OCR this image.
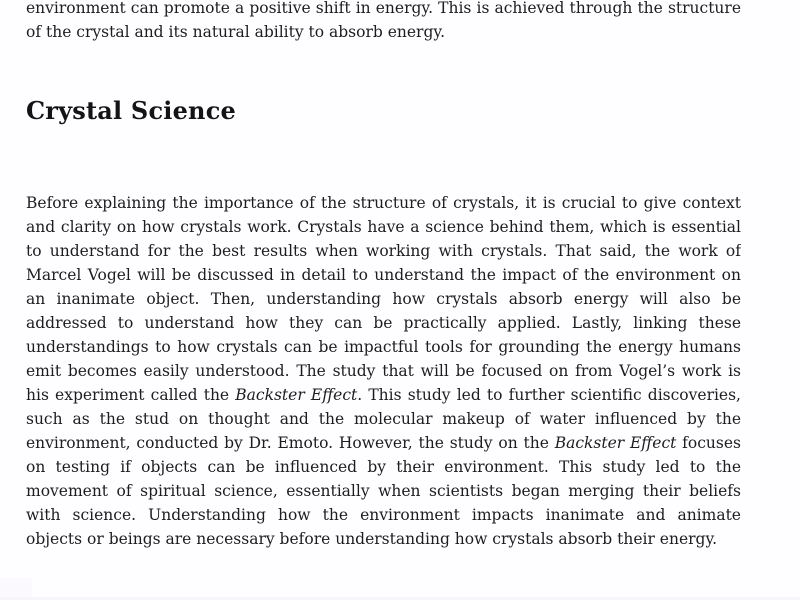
environment can promote a positive shift in energy. This is achieved through the structure
of the crystal and its natural ability to absorb energy.
Crystal Science
Before explaining the importance of the structure of crystals, it is crucial to give context
and clarity on how crystals work. Crystals have a science behind them, which is essential
to understand for the best results when working with crystals. That said, the work of
Marcel Vogel will be discussed in detail to understand the impact of the environment on
an inanimate object. Then, understanding how crystals absorb energy will also be
addressed to understand how they can be practically applied. Lastly, linking these
understandings to how crystals can be impactful tools for grounding the energy humans
emit becomes easily understood. The study that will be focused on from Vogel’s work is
his experiment called the Backster Effect. This study led to further scientific discoveries,
such as the stud on thought and the molecular makeup of water influenced by the
environment, conducted by Dr. Emoto. However, the study on the Backster Effect focuses
on testing if objects can be influenced by their environment. This study led to the
movement of spiritual science, essentially when scientists began merging their beliefs
with science. Understanding how the environment impacts inanimate and animate
objects or beings are necessary before understanding how crystals absorb their energy.
